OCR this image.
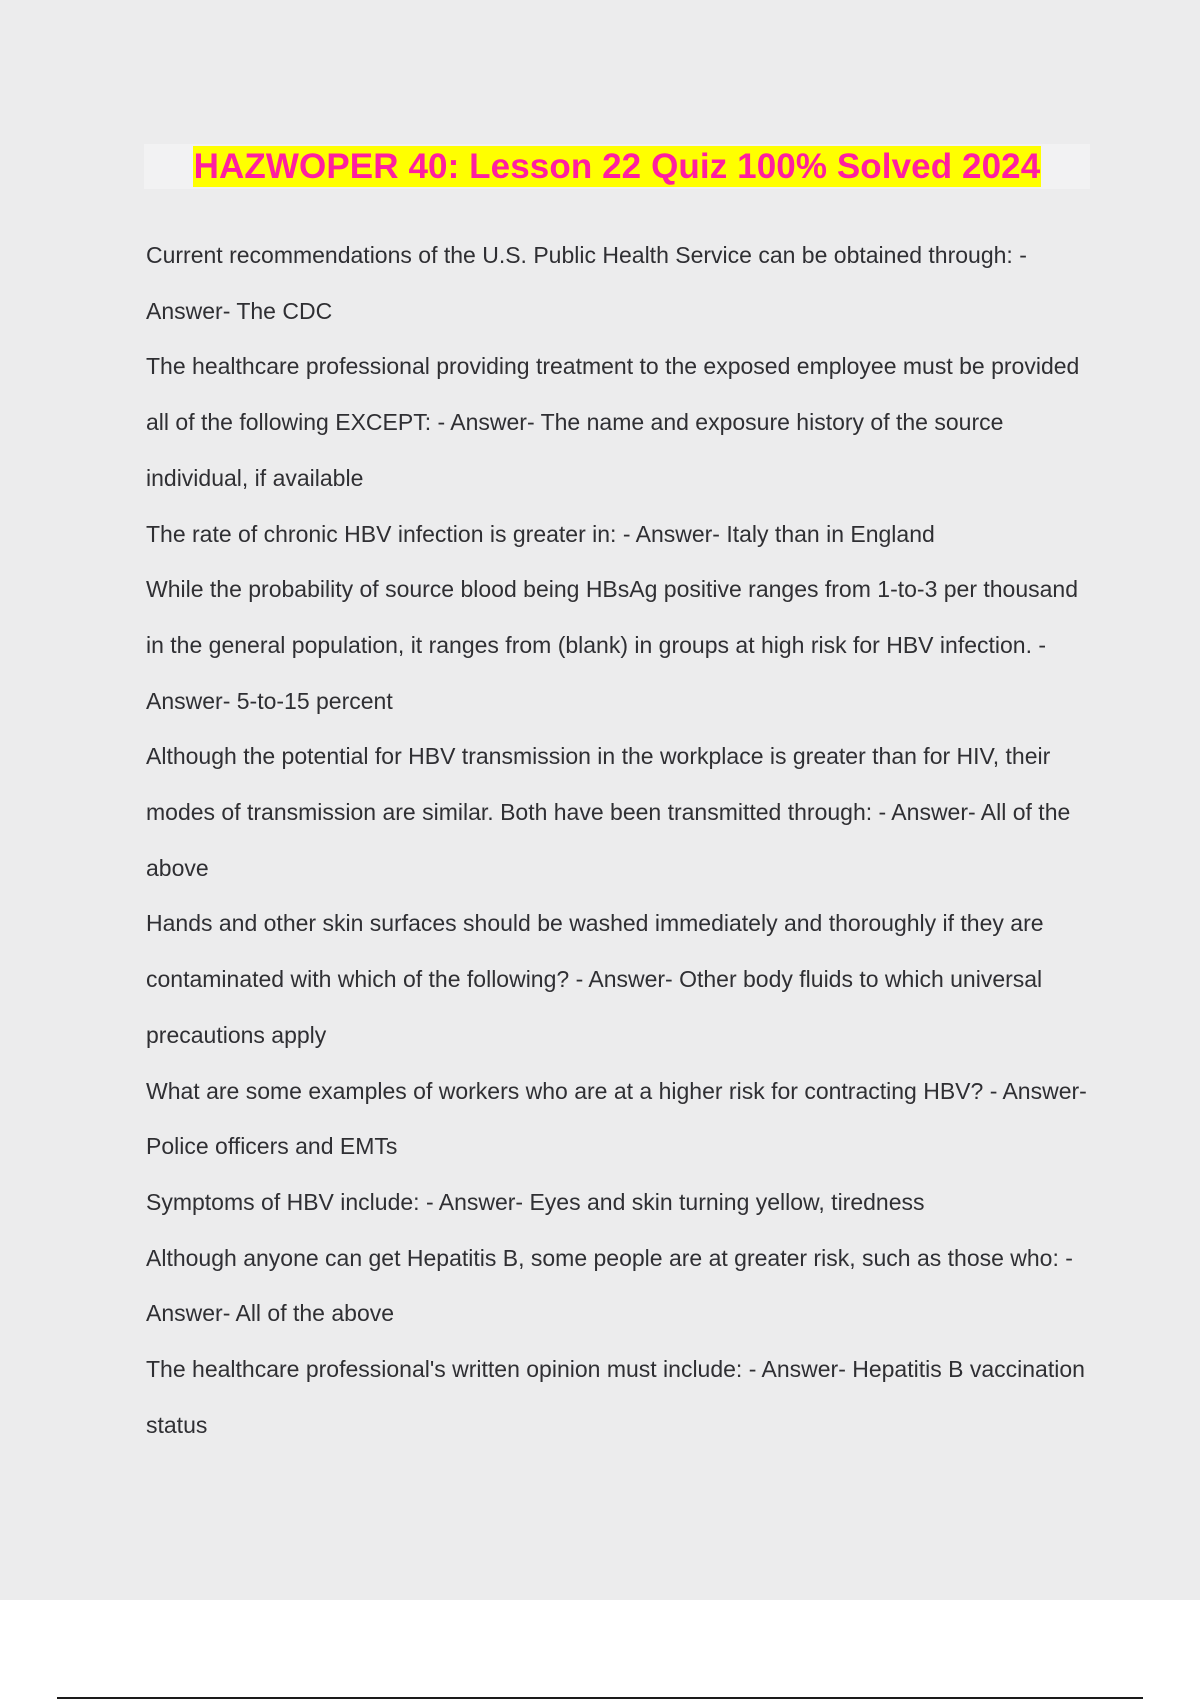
HAZWOPER 40: Lesson 22 Quiz 100% Solved 2024

Current recommendations of the U.S. Public Health Service can be obtained through: - Answer- The CDC

The healthcare professional providing treatment to the exposed employee must be provided all of the following EXCEPT: - Answer- The name and exposure history of the source individual, if available

The rate of chronic HBV infection is greater in: - Answer- Italy than in England

While the probability of source blood being HBsAg positive ranges from 1-to-3 per thousand in the general population, it ranges from (blank) in groups at high risk for HBV infection. - Answer- 5-to-15 percent

Although the potential for HBV transmission in the workplace is greater than for HIV, their modes of transmission are similar. Both have been transmitted through: - Answer- All of the above

Hands and other skin surfaces should be washed immediately and thoroughly if they are contaminated with which of the following? - Answer- Other body fluids to which universal precautions apply

What are some examples of workers who are at a higher risk for contracting HBV? - Answer- Police officers and EMTs

Symptoms of HBV include: - Answer- Eyes and skin turning yellow, tiredness

Although anyone can get Hepatitis B, some people are at greater risk, such as those who: - Answer- All of the above

The healthcare professional's written opinion must include: - Answer- Hepatitis B vaccination status
